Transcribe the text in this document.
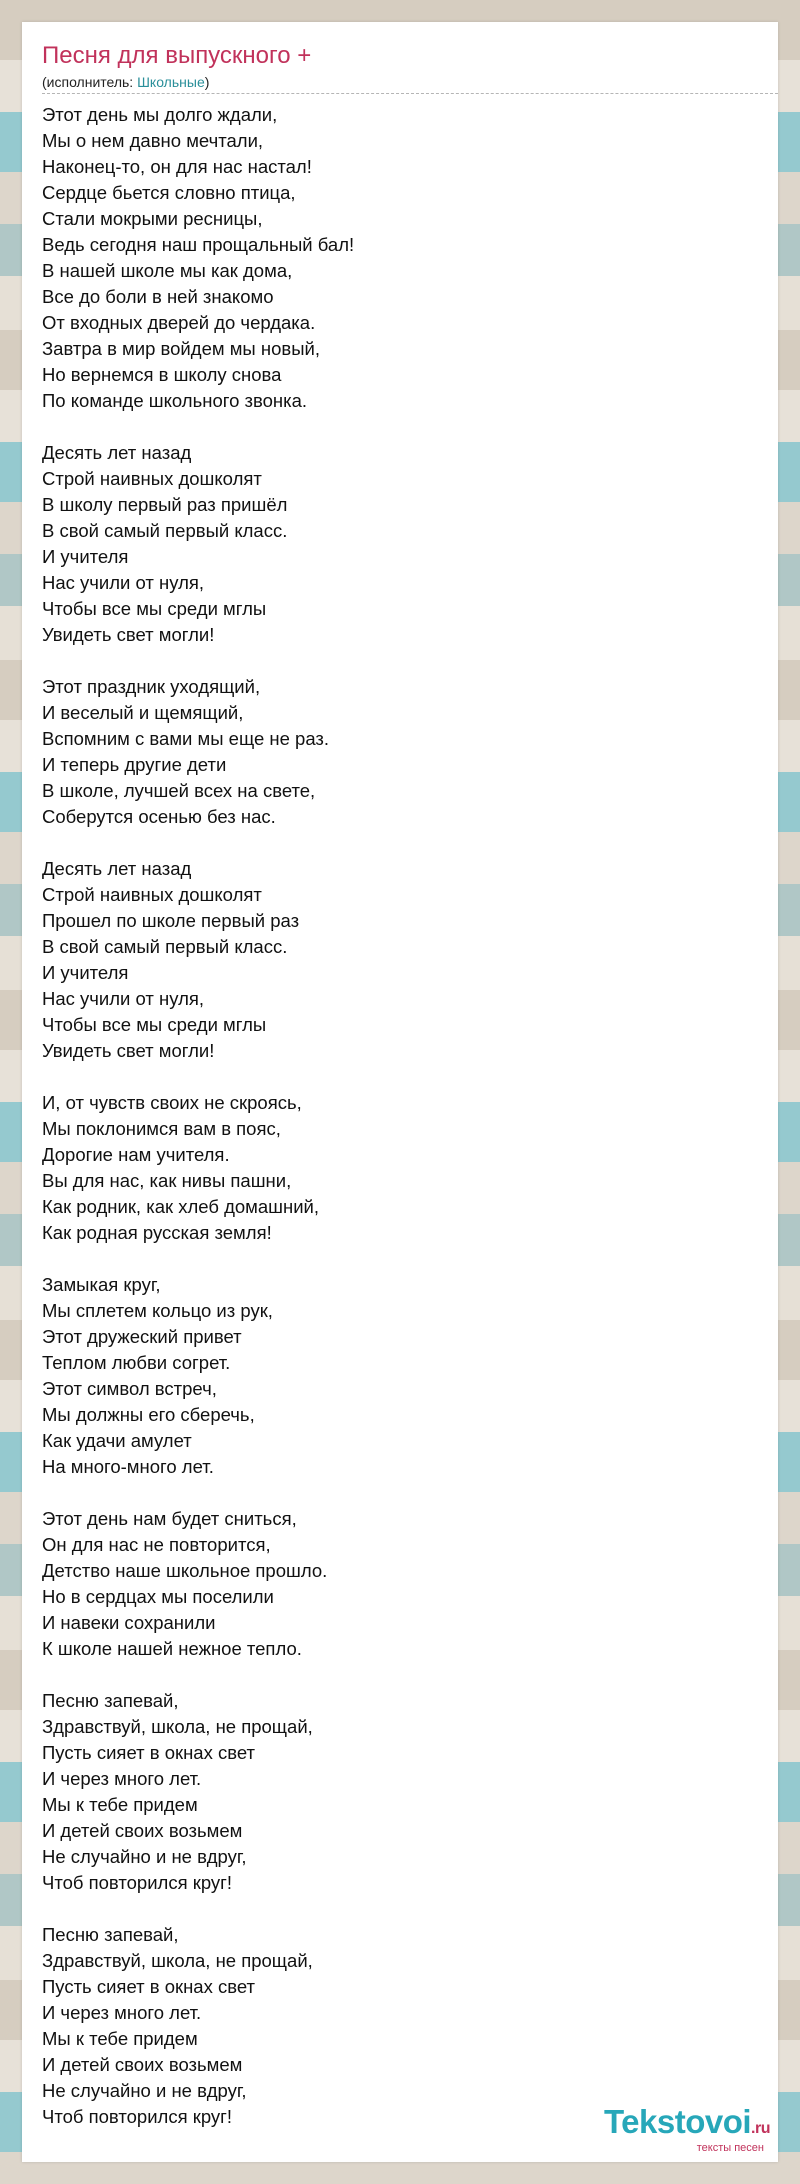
Песня для выпускного +
(исполнитель: Школьные)
Этот день мы долго ждали,
Мы о нем давно мечтали,
Наконец-то, он для нас настал!
Сердце бьется словно птица,
Стали мокрыми ресницы,
Ведь сегодня наш прощальный бал!
В нашей школе мы как дома,
Все до боли в ней знакомо
От входных дверей до чердака.
Завтра в мир войдем мы новый,
Но вернемся в школу снова
По команде школьного звонка.
Десять лет назад
Строй наивных дошколят
В школу первый раз пришёл
В свой самый первый класс.
И учителя
Нас учили от нуля,
Чтобы все мы среди мглы
Увидеть свет могли!
Этот праздник уходящий,
И веселый и щемящий,
Вспомним с вами мы еще не раз.
И теперь другие дети
В школе, лучшей всех на свете,
Соберутся осенью без нас.
Десять лет назад
Строй наивных дошколят
Прошел по школе первый раз
В свой самый первый класс.
И учителя
Нас учили от нуля,
Чтобы все мы среди мглы
Увидеть свет могли!
И, от чувств своих не скроясь,
Мы поклонимся вам в пояс,
Дорогие нам учителя.
Вы для нас, как нивы пашни,
Как родник, как хлеб домашний,
Как родная русская земля!
Замыкая круг,
Мы сплетем кольцо из рук,
Этот дружеский привет
Теплом любви согрет.
Этот символ встреч,
Мы должны его сберечь,
Как удачи амулет
На много-много лет.
Этот день нам будет сниться,
Он для нас не повторится,
Детство наше школьное прошло.
Но в сердцах мы поселили
И навеки сохранили
К школе нашей нежное тепло.
Песню запевай,
Здравствуй, школа, не прощай,
Пусть сияет в окнах свет
И через много лет.
Мы к тебе придем
И детей своих возьмем
Не случайно и не вдруг,
Чтоб повторился круг!
Песню запевай,
Здравствуй, школа, не прощай,
Пусть сияет в окнах свет
И через много лет.
Мы к тебе придем
И детей своих возьмем
Не случайно и не вдруг,
Чтоб повторился круг!	Tekstovoi.ru
тексты песен
